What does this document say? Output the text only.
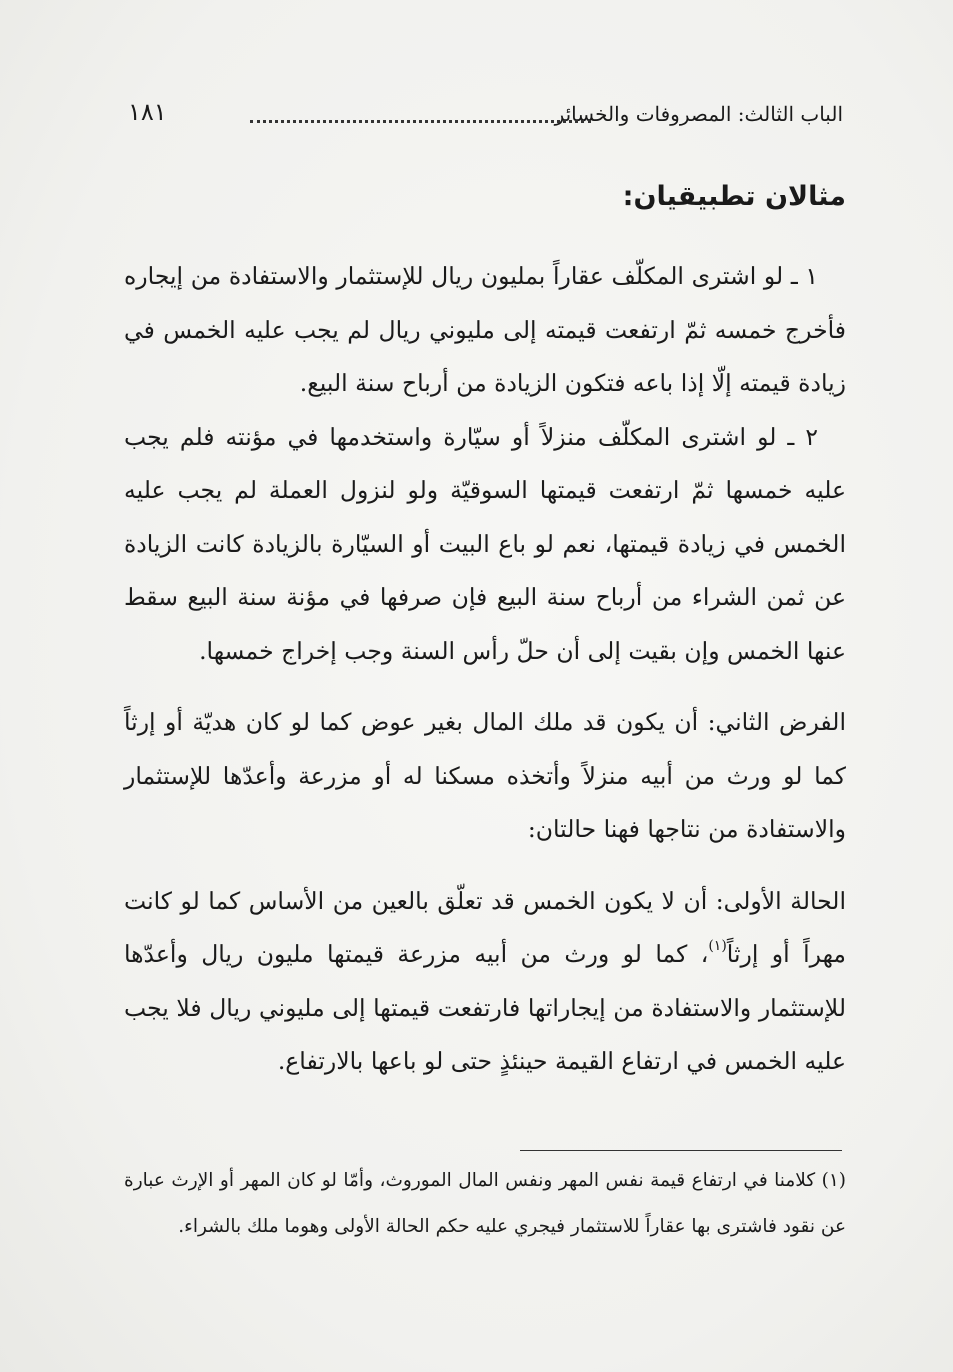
الباب الثالث: المصروفات والخسائر
١٨١
مثالان تطبيقيان:

١ ـ لو اشترى المكلّف عقاراً بمليون ريال للإستثمار والاستفادة من إيجاره فأخرج خمسه ثمّ ارتفعت قيمته إلى مليوني ريال لم يجب عليه الخمس في زيادة قيمته إلّا إذا باعه فتكون الزيادة من أرباح سنة البيع.

٢ ـ لو اشترى المكلّف منزلاً أو سيّارة واستخدمها في مؤنته فلم يجب عليه خمسها ثمّ ارتفعت قيمتها السوقيّة ولو لنزول العملة لم يجب عليه الخمس في زيادة قيمتها، نعم لو باع البيت أو السيّارة بالزيادة كانت الزيادة عن ثمن الشراء من أرباح سنة البيع فإن صرفها في مؤنة سنة البيع سقط عنها الخمس وإن بقيت إلى أن حلّ رأس السنة وجب إخراج خمسها.

الفرض الثاني: أن يكون قد ملك المال بغير عوض كما لو كان هديّة أو إرثاً كما لو ورث من أبيه منزلاً وأتخذه مسكنا له أو مزرعة وأعدّها للإستثمار والاستفادة من نتاجها فهنا حالتان:

الحالة الأولى: أن لا يكون الخمس قد تعلّق بالعين من الأساس كما لو كانت مهراً أو إرثاً$^{(١)}$، كما لو ورث من أبيه مزرعة قيمتها مليون ريال وأعدّها للإستثمار والاستفادة من إيجاراتها فارتفعت قيمتها إلى مليوني ريال فلا يجب عليه الخمس في ارتفاع القيمة حينئذٍ حتى لو باعها بالارتفاع.

(١) كلامنا في ارتفاع قيمة نفس المهر ونفس المال الموروث، وأمّا لو كان المهر أو الإرث عبارة عن نقود فاشترى بها عقاراً للاستثمار فيجري عليه حكم الحالة الأولى وهوما ملك بالشراء.
